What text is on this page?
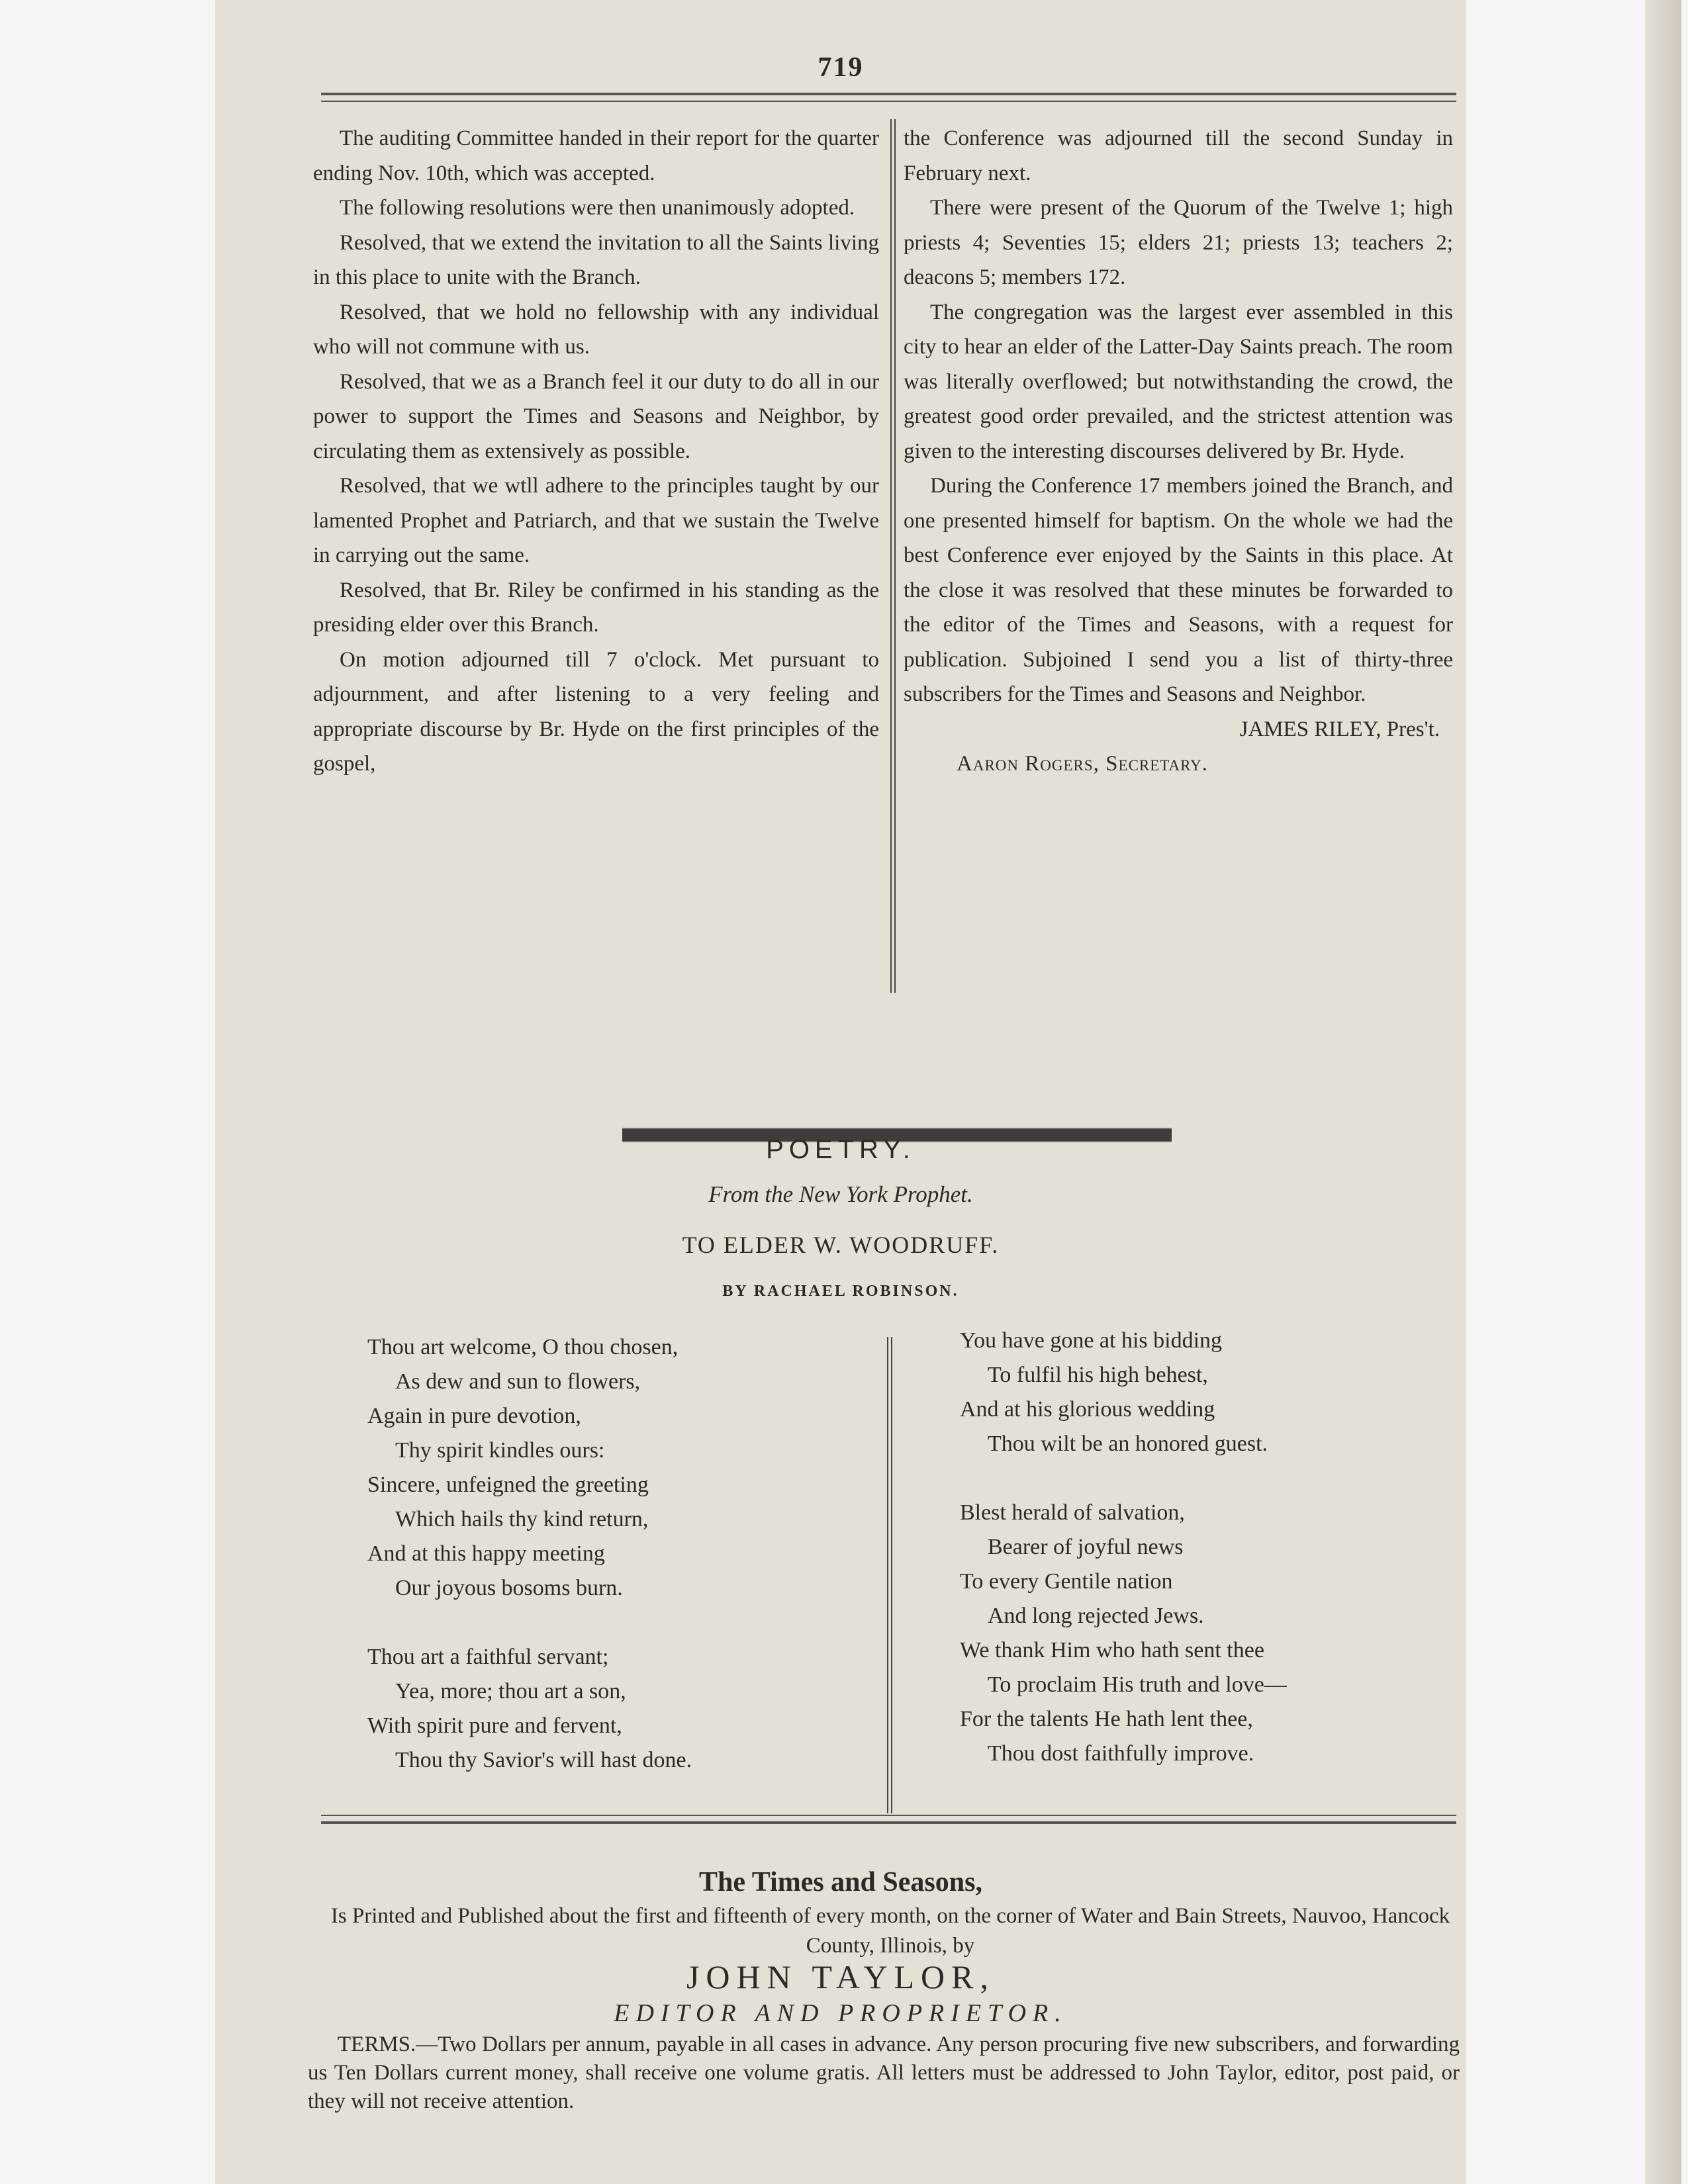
719

The auditing Committee handed in their report for the quarter ending Nov. 10th, which was accepted.

The following resolutions were then unanimously adopted.

Resolved, that we extend the invitation to all the Saints living in this place to unite with the Branch.

Resolved, that we hold no fellowship with any individual who will not commune with us.

Resolved, that we as a Branch feel it our duty to do all in our power to support the Times and Seasons and Neighbor, by circulating them as extensively as possible.

Resolved, that we wtll adhere to the principles taught by our lamented Prophet and Patriarch, and that we sustain the Twelve in carrying out the same.

Resolved, that Br. Riley be confirmed in his standing as the presiding elder over this Branch.

On motion adjourned till 7 o'clock. Met pursuant to adjournment, and after listening to a very feeling and appropriate discourse by Br. Hyde on the first principles of the gospel,

the Conference was adjourned till the second Sunday in February next.

There were present of the Quorum of the Twelve 1; high priests 4; Seventies 15; elders 21; priests 13; teachers 2; deacons 5; members 172.

The congregation was the largest ever assembled in this city to hear an elder of the Latter-Day Saints preach. The room was literally overflowed; but notwithstanding the crowd, the greatest good order prevailed, and the strictest attention was given to the interesting discourses delivered by Br. Hyde.

During the Conference 17 members joined the Branch, and one presented himself for baptism. On the whole we had the best Conference ever enjoyed by the Saints in this place. At the close it was resolved that these minutes be forwarded to the editor of the Times and Seasons, with a request for publication. Subjoined I send you a list of thirty-three subscribers for the Times and Seasons and Neighbor.

JAMES RILEY, Pres't.

Aaron Rogers, Secretary.

POETRY.
From the New York Prophet.
TO ELDER W. WOODRUFF.
BY RACHAEL ROBINSON.
Thou art welcome, O thou chosen,
As dew and sun to flowers,
Again in pure devotion,
Thy spirit kindles ours:
Sincere, unfeigned the greeting
Which hails thy kind return,
And at this happy meeting
Our joyous bosoms burn.
Thou art a faithful servant;
Yea, more; thou art a son,
With spirit pure and fervent,
Thou thy Savior's will hast done.
You have gone at his bidding
To fulfil his high behest,
And at his glorious wedding
Thou wilt be an honored guest.
Blest herald of salvation,
Bearer of joyful news
To every Gentile nation
And long rejected Jews.
We thank Him who hath sent thee
To proclaim His truth and love—
For the talents He hath lent thee,
Thou dost faithfully improve.
The Times and Seasons,
Is Printed and Published about the first and fifteenth of every month, on the corner of Water and Bain Streets, Nauvoo, Hancock County, Illinois, by
JOHN TAYLOR,
EDITOR AND PROPRIETOR.

TERMS.—Two Dollars per annum, payable in all cases in advance. Any person procuring five new subscribers, and forwarding us Ten Dollars current money, shall receive one volume gratis. All letters must be addressed to John Taylor, editor, post paid, or they will not receive attention.
